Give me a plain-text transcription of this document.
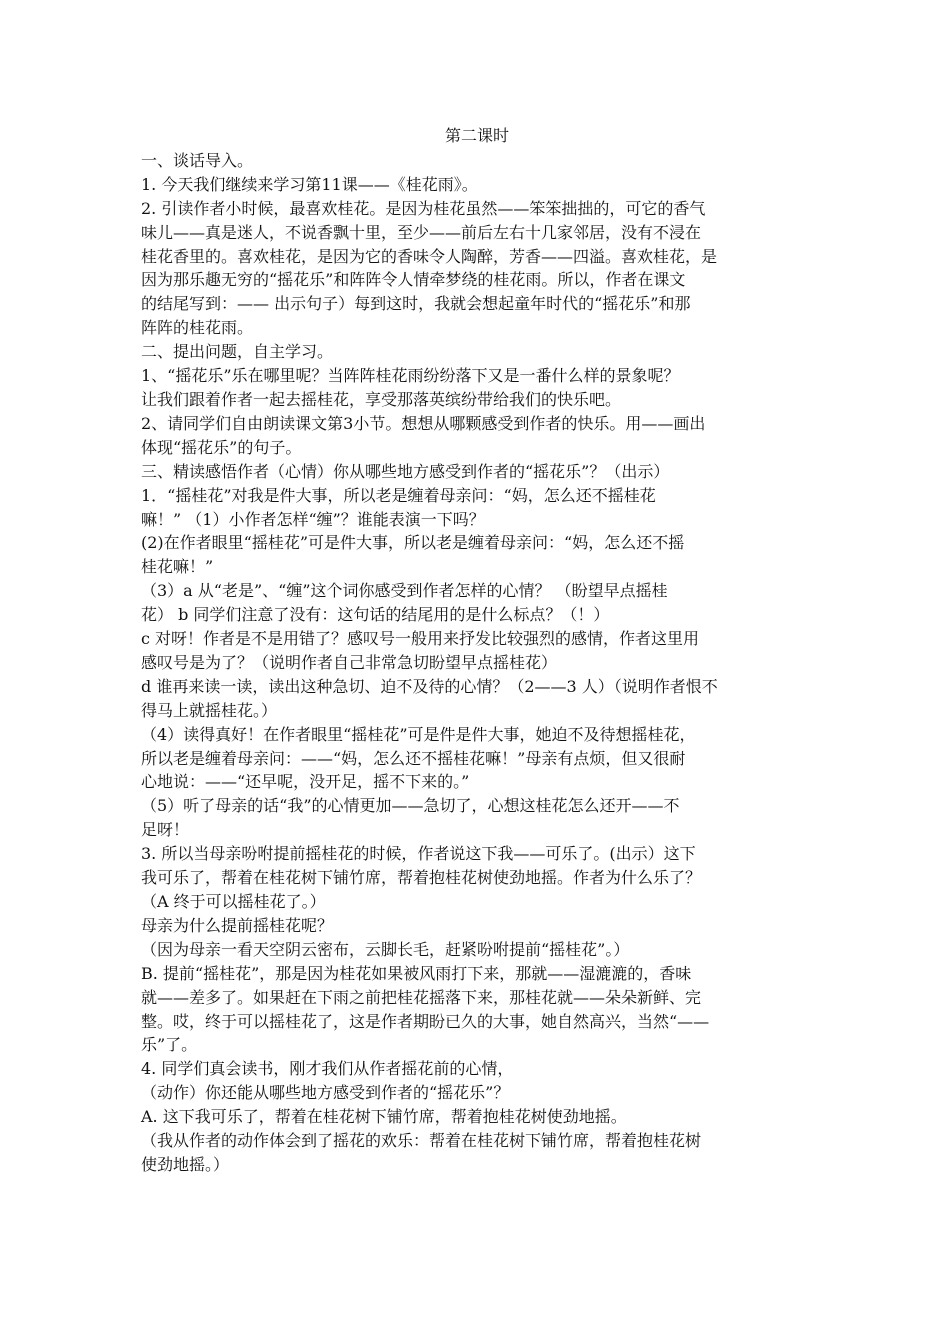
第二课时

一、谈话导入。

1. 今天我们继续来学习第11课——《桂花雨》。

2. 引读作者小时候，最喜欢桂花。是因为桂花虽然——笨笨拙拙的，可它的香气

味儿——真是迷人，不说香飘十里，至少——前后左右十几家邻居，没有不浸在

桂花香里的。喜欢桂花，是因为它的香味令人陶醉，芳香——四溢。喜欢桂花，是

因为那乐趣无穷的“摇花乐”和阵阵令人情牵梦绕的桂花雨。所以，作者在课文

的结尾写到：—— 出示句子）每到这时，我就会想起童年时代的“摇花乐”和那

阵阵的桂花雨。

二、提出问题，自主学习。

1、“摇花乐”乐在哪里呢？当阵阵桂花雨纷纷落下又是一番什么样的景象呢？

让我们跟着作者一起去摇桂花，享受那落英缤纷带给我们的快乐吧。

2、请同学们自由朗读课文第3小节。想想从哪颗感受到作者的快乐。用——画出

体现“摇花乐”的句子。

三、精读感悟作者（心情）你从哪些地方感受到作者的“摇花乐”？（出示）

1．“摇桂花”对我是件大事，所以老是缠着母亲问：“妈，怎么还不摇桂花

嘛！” （1）小作者怎样“缠”？谁能表演一下吗？

(2)在作者眼里“摇桂花”可是件大事，所以老是缠着母亲问：“妈，怎么还不摇

桂花嘛！”

（3）a 从“老是”、“缠”这个词你感受到作者怎样的心情？ （盼望早点摇桂

花） b 同学们注意了没有：这句话的结尾用的是什么标点？（！）

c 对呀！作者是不是用错了？感叹号一般用来抒发比较强烈的感情，作者这里用

感叹号是为了？（说明作者自己非常急切盼望早点摇桂花）

d 谁再来读一读，读出这种急切、迫不及待的心情？（2——3 人）（说明作者恨不

得马上就摇桂花。）

（4）读得真好！在作者眼里“摇桂花”可是件是件大事，她迫不及待想摇桂花，

所以老是缠着母亲问：——“妈，怎么还不摇桂花嘛！”母亲有点烦，但又很耐

心地说：——“还早呢，没开足，摇不下来的。”

（5）听了母亲的话“我”的心情更加——急切了，心想这桂花怎么还开——不

足呀！

3. 所以当母亲吩咐提前摇桂花的时候，作者说这下我——可乐了。(出示）这下

我可乐了，帮着在桂花树下铺竹席，帮着抱桂花树使劲地摇。作者为什么乐了？

（A 终于可以摇桂花了。）

母亲为什么提前摇桂花呢？

（因为母亲一看天空阴云密布，云脚长毛，赶紧吩咐提前“摇桂花”。）

B. 提前“摇桂花”，那是因为桂花如果被风雨打下来，那就——湿漉漉的，香味

就——差多了。如果赶在下雨之前把桂花摇落下来，那桂花就——朵朵新鲜、完

整。哎，终于可以摇桂花了，这是作者期盼已久的大事，她自然高兴，当然“——

乐”了。

4. 同学们真会读书，刚才我们从作者摇花前的心情，

（动作）你还能从哪些地方感受到作者的“摇花乐”？

A. 这下我可乐了，帮着在桂花树下铺竹席，帮着抱桂花树使劲地摇。

（我从作者的动作体会到了摇花的欢乐：帮着在桂花树下铺竹席，帮着抱桂花树

使劲地摇。）
